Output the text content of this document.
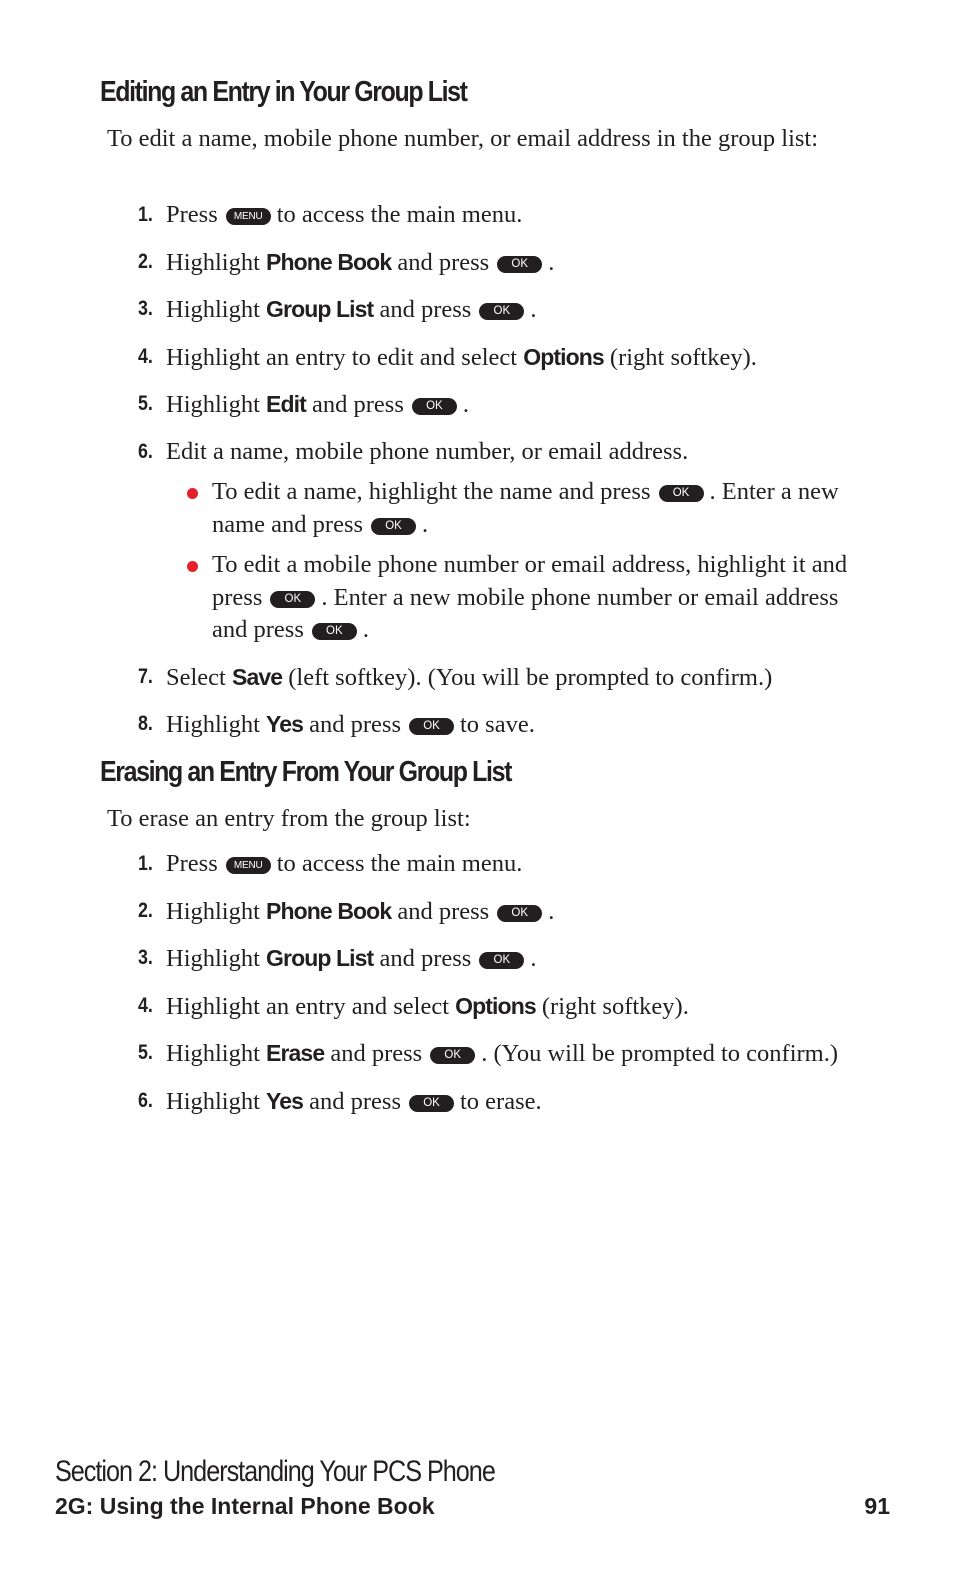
Editing an Entry in Your Group List

To edit a name, mobile phone number, or email address in the group list:

1. Press MENU to access the main menu.
2. Highlight Phone Book and press OK .
3. Highlight Group List and press OK .
4. Highlight an entry to edit and select Options (right softkey).
5. Highlight Edit and press OK .
6. Edit a name, mobile phone number, or email address.
To edit a name, highlight the name and press OK . Enter a new name and press OK .
To edit a mobile phone number or email address, highlight it and press OK . Enter a new mobile phone number or email address and press OK .
7. Select Save (left softkey). (You will be prompted to confirm.)
8. Highlight Yes and press OK to save.
Erasing an Entry From Your Group List

To erase an entry from the group list:

1. Press MENU to access the main menu.
2. Highlight Phone Book and press OK .
3. Highlight Group List and press OK .
4. Highlight an entry and select Options (right softkey).
5. Highlight Erase and press OK . (You will be prompted to confirm.)
6. Highlight Yes and press OK to erase.

Section 2: Understanding Your PCS Phone

2G: Using the Internal Phone Book	91
